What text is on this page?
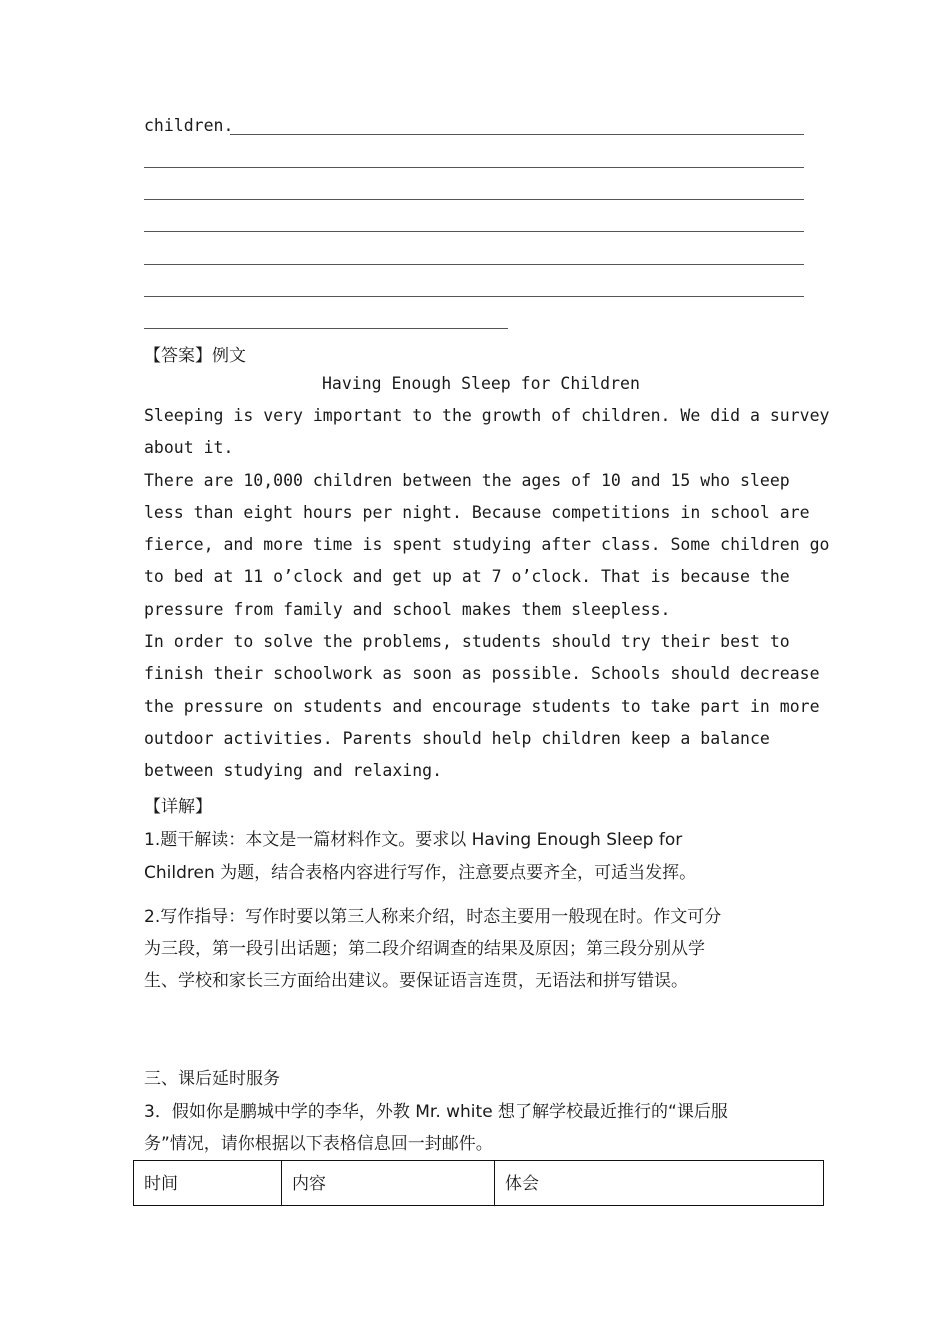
children.
【答案】例文
Having Enough Sleep for Children
Sleeping is very important to the growth of children. We did a survey
about it.
There are 10,000 children between the ages of 10 and 15 who sleep
less than eight hours per night. Because competitions in school are
fierce, and more time is spent studying after class. Some children go
to bed at 11 o’clock and get up at 7 o’clock. That is because the
pressure from family and school makes them sleepless.
In order to solve the problems, students should try their best to
finish their schoolwork as soon as possible. Schools should decrease
the pressure on students and encourage students to take part in more
outdoor activities. Parents should help children keep a balance
between studying and relaxing.
【详解】
1.题干解读：本文是一篇材料作文。要求以 Having Enough Sleep for
Children 为题，结合表格内容进行写作，注意要点要齐全，可适当发挥。
2.写作指导：写作时要以第三人称来介绍，时态主要用一般现在时。作文可分
为三段，第一段引出话题；第二段介绍调查的结果及原因；第三段分别从学
生、学校和家长三方面给出建议。要保证语言连贯，无语法和拼写错误。
三、课后延时服务
3．假如你是鹏城中学的李华，外教 Mr. white 想了解学校最近推行的“课后服
务”情况，请你根据以下表格信息回一封邮件。
时间	内容	体会
